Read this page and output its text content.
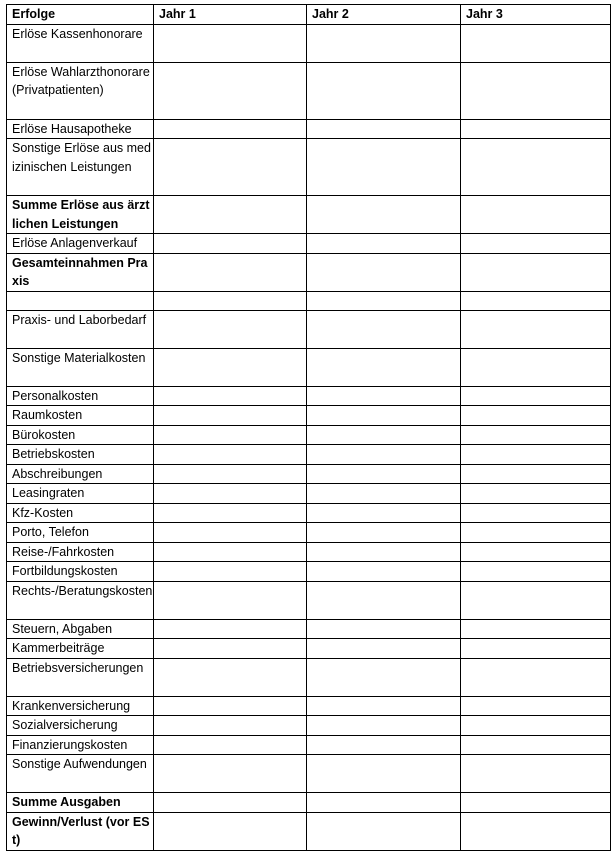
Erfolge	Jahr 1	Jahr 2	Jahr 3
Erlöse Kassenhonorare			
Erlöse Wahlarzthonorare (Privatpatienten)			
Erlöse Hausapotheke			
Sonstige Erlöse aus medizinischen Leistungen			
Summe Erlöse aus ärztlichen Leistungen			
Erlöse Anlagenverkauf			
Gesamteinnahmen Praxis			

Praxis- und Laborbedarf			
Sonstige Materialkosten			
Personalkosten			
Raumkosten			
Bürokosten			
Betriebskosten			
Abschreibungen			
Leasingraten			
Kfz-Kosten			
Porto, Telefon			
Reise-/Fahrkosten			
Fortbildungskosten			
Rechts-/Beratungskosten			
Steuern, Abgaben			
Kammerbeiträge			
Betriebsversicherungen			
Krankenversicherung			
Sozialversicherung			
Finanzierungskosten			
Sonstige Aufwendungen			
Summe Ausgaben			
Gewinn/Verlust (vor ESt)			
